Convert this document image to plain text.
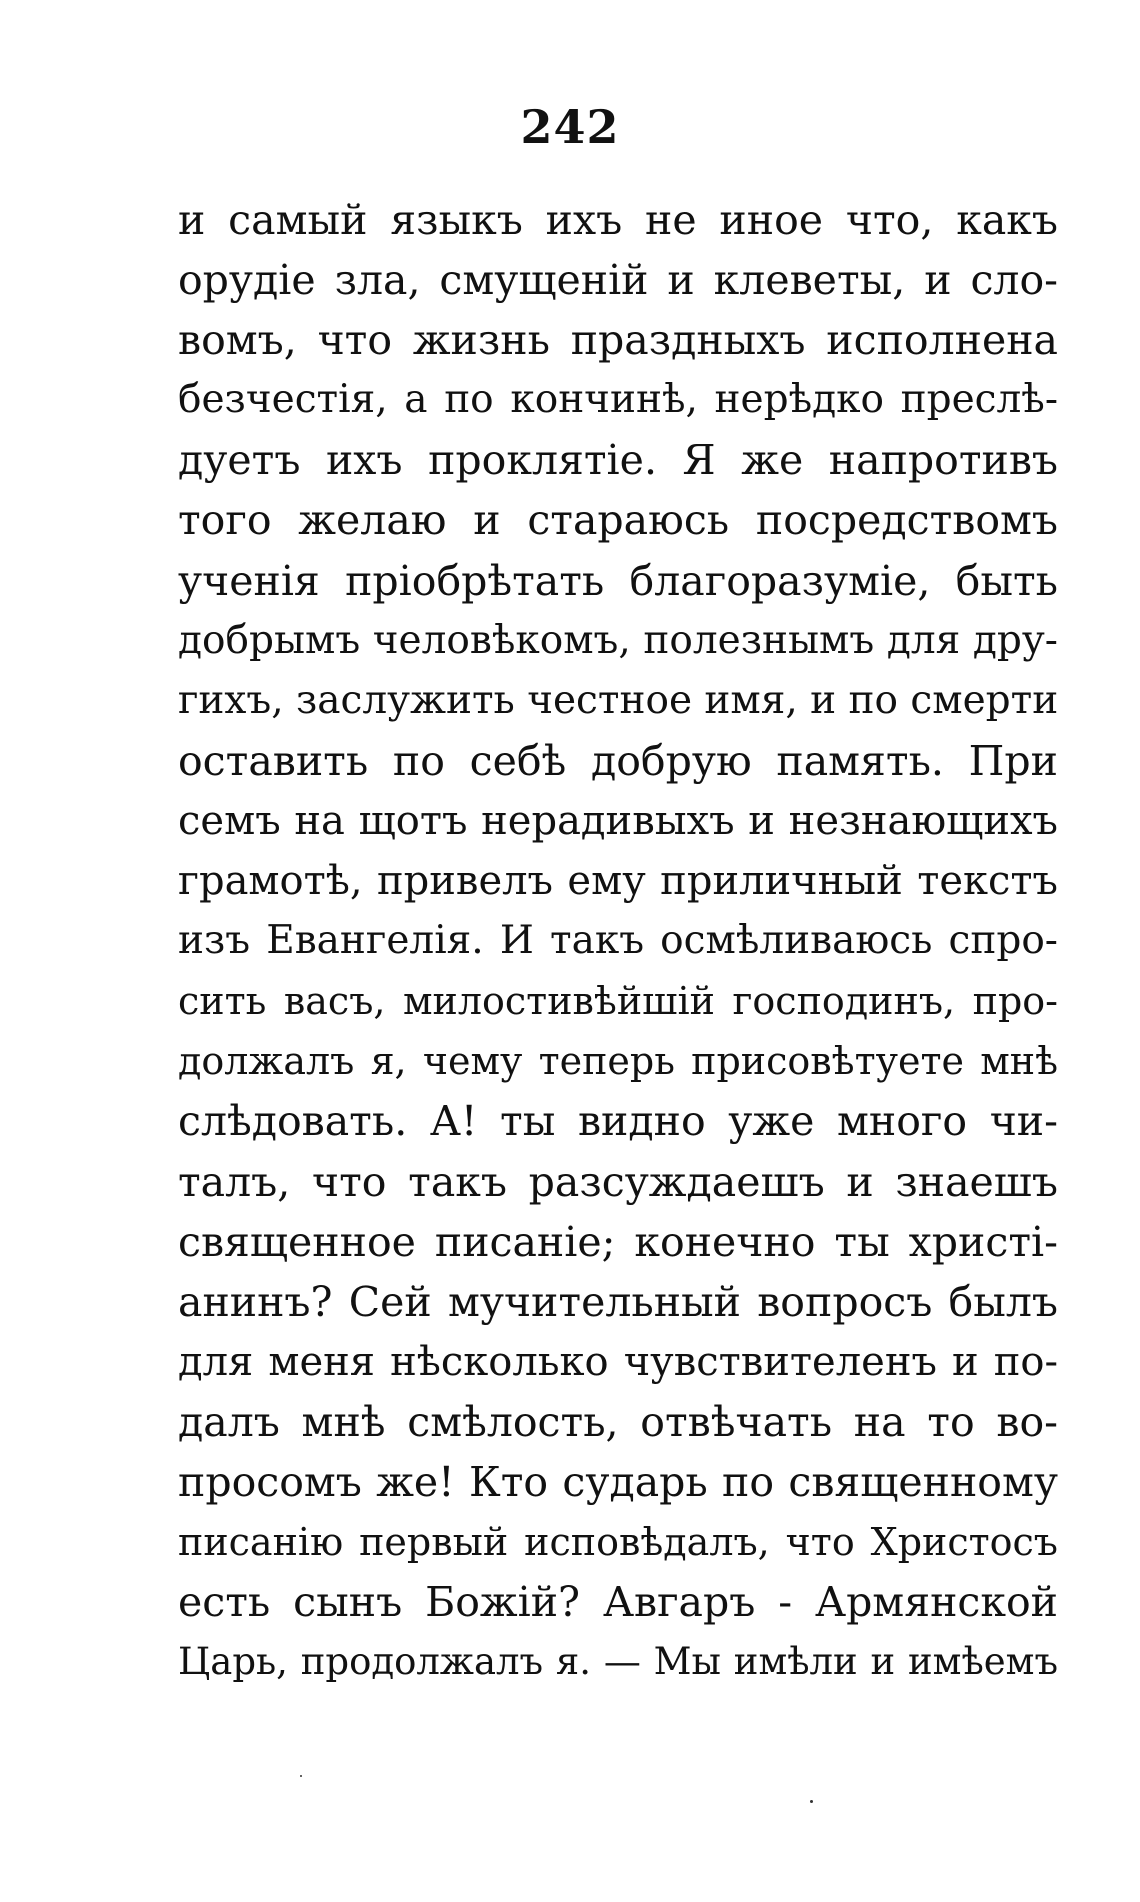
242
и самый языкъ ихъ не иное что, какъ
орудіе зла, смущеній и клеветы, и сло-
вомъ, что жизнь праздныхъ исполнена
безчестія, а по кончинѣ, нерѣдко преслѣ-
дуетъ ихъ проклятіе. Я же напротивъ
того желаю и стараюсь посредствомъ
ученія пріобрѣтать благоразуміе, быть
добрымъ человѣкомъ, полезнымъ для дру-
гихъ, заслужить честное имя, и по смерти
оставить по себѣ добрую память. При
семъ на щотъ нерадивыхъ и незнающихъ
грамотѣ, привелъ ему приличный текстъ
изъ Евангелія. И такъ осмѣливаюсь спро-
сить васъ, милостивѣйшій господинъ, про-
должалъ я, чему теперь присовѣтуете мнѣ
слѣдовать. А! ты видно уже много чи-
талъ, что такъ разсуждаешъ и знаешъ
священное писаніе; конечно ты христі-
анинъ? Сей мучительный вопросъ былъ
для меня нѣсколько чувствителенъ и по-
далъ мнѣ смѣлость, отвѣчать на то во-
просомъ же! Кто сударь по священному
писанію первый исповѣдалъ, что Христосъ
есть сынъ Божій? Авгаръ - Армянской
Царь, продолжалъ я. — Мы имѣли и имѣемъ
